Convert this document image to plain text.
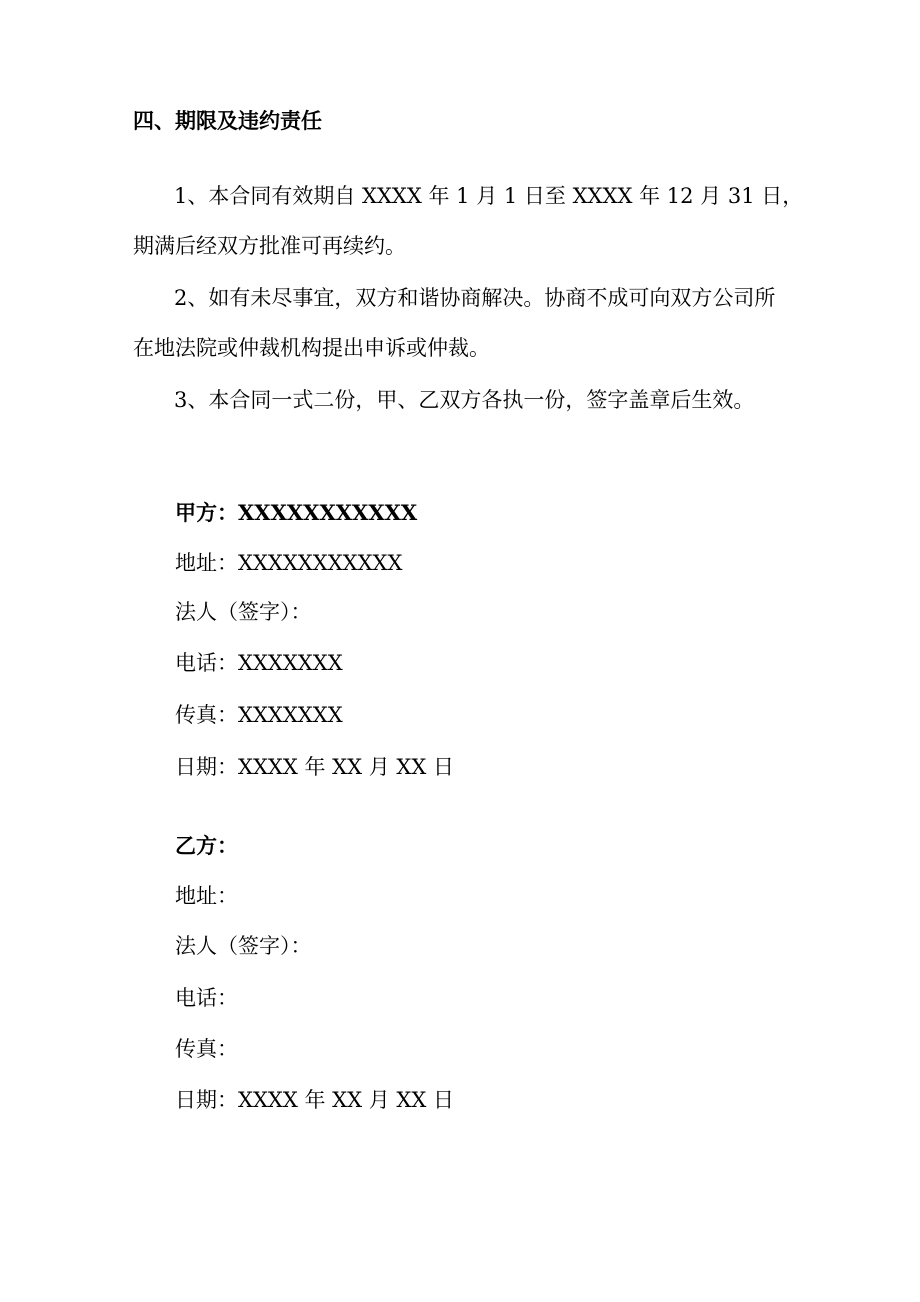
四、期限及违约责任
1、本合同有效期自 XXXX 年 1 月 1 日至 XXXX 年 12 月 31 日，
期满后经双方批准可再续约。
2、如有未尽事宜，双方和谐协商解决。协商不成可向双方公司所
在地法院或仲裁机构提出申诉或仲裁。
3、本合同一式二份，甲、乙双方各执一份，签字盖章后生效。
甲方：XXXXXXXXXXX
地址：XXXXXXXXXXX
法人（签字）：
电话：XXXXXXX
传真：XXXXXXX
日期：XXXX 年 XX 月 XX 日
乙方：
地址：
法人（签字）：
电话：
传真：
日期：XXXX 年 XX 月 XX 日
